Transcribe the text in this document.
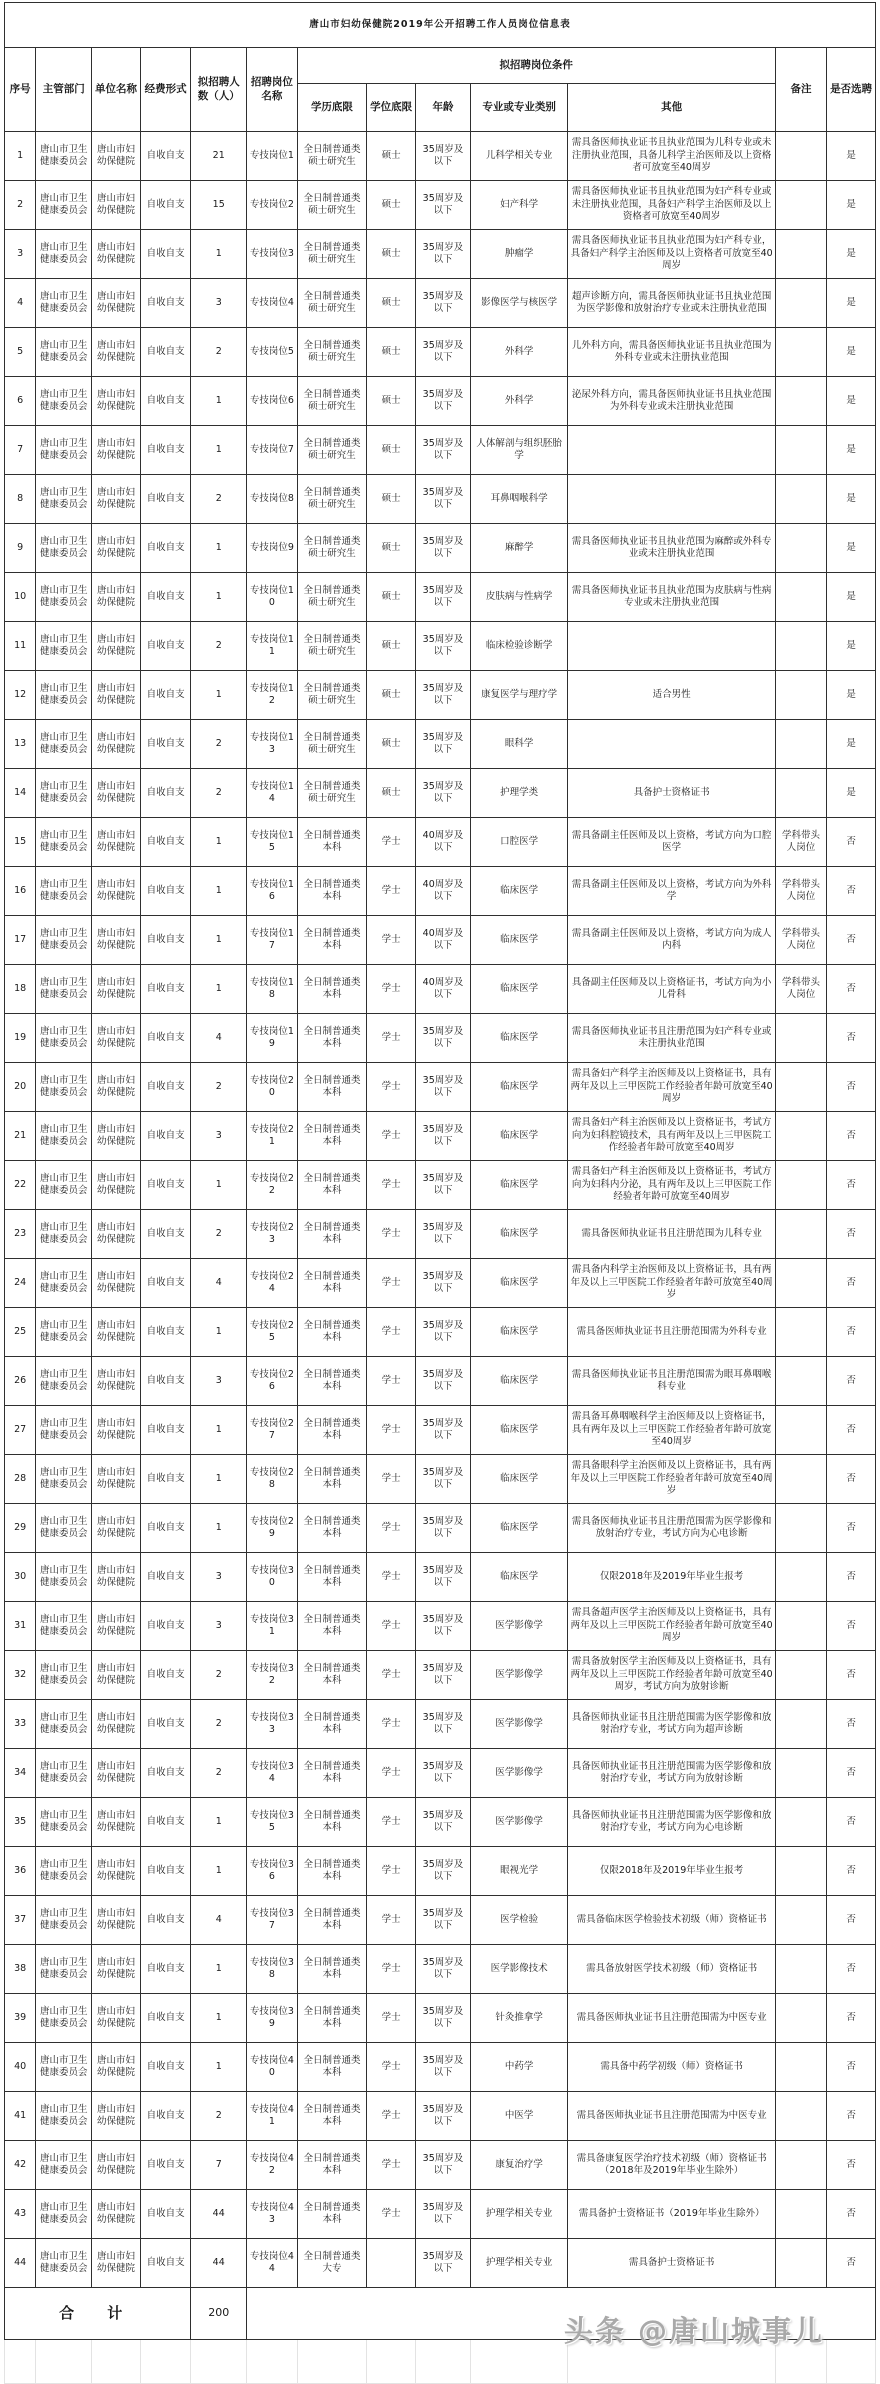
唐山市妇幼保健院2019年公开招聘工作人员岗位信息表												
序号	主管部门	单位名称	经费形式	拟招聘人数（人）	招聘岗位名称	拟招聘岗位条件					备注	是否选聘
						学历底限	学位底限	年龄	专业或专业类别	其他		
1	唐山市卫生健康委员会	唐山市妇幼保健院	自收自支	21	专技岗位1	全日制普通类硕士研究生	硕士	35周岁及以下	儿科学相关专业	需具备医师执业证书且执业范围为儿科专业或未注册执业范围，具备儿科学主治医师及以上资格者可放宽至40周岁		是
2	唐山市卫生健康委员会	唐山市妇幼保健院	自收自支	15	专技岗位2	全日制普通类硕士研究生	硕士	35周岁及以下	妇产科学	需具备医师执业证书且执业范围为妇产科专业或未注册执业范围，具备妇产科学主治医师及以上资格者可放宽至40周岁		是
3	唐山市卫生健康委员会	唐山市妇幼保健院	自收自支	1	专技岗位3	全日制普通类硕士研究生	硕士	35周岁及以下	肿瘤学	需具备医师执业证书且执业范围为妇产科专业，具备妇产科学主治医师及以上资格者可放宽至40周岁		是
4	唐山市卫生健康委员会	唐山市妇幼保健院	自收自支	3	专技岗位4	全日制普通类硕士研究生	硕士	35周岁及以下	影像医学与核医学	超声诊断方向，需具备医师执业证书且执业范围为医学影像和放射治疗专业或未注册执业范围		是
5	唐山市卫生健康委员会	唐山市妇幼保健院	自收自支	2	专技岗位5	全日制普通类硕士研究生	硕士	35周岁及以下	外科学	儿外科方向，需具备医师执业证书且执业范围为外科专业或未注册执业范围		是
6	唐山市卫生健康委员会	唐山市妇幼保健院	自收自支	1	专技岗位6	全日制普通类硕士研究生	硕士	35周岁及以下	外科学	泌尿外科方向，需具备医师执业证书且执业范围为外科专业或未注册执业范围		是
7	唐山市卫生健康委员会	唐山市妇幼保健院	自收自支	1	专技岗位7	全日制普通类硕士研究生	硕士	35周岁及以下	人体解剖与组织胚胎学			是
8	唐山市卫生健康委员会	唐山市妇幼保健院	自收自支	2	专技岗位8	全日制普通类硕士研究生	硕士	35周岁及以下	耳鼻咽喉科学			是
9	唐山市卫生健康委员会	唐山市妇幼保健院	自收自支	1	专技岗位9	全日制普通类硕士研究生	硕士	35周岁及以下	麻醉学	需具备医师执业证书且执业范围为麻醉或外科专业或未注册执业范围		是
10	唐山市卫生健康委员会	唐山市妇幼保健院	自收自支	1	专技岗位10	全日制普通类硕士研究生	硕士	35周岁及以下	皮肤病与性病学	需具备医师执业证书且执业范围为皮肤病与性病专业或未注册执业范围		是
11	唐山市卫生健康委员会	唐山市妇幼保健院	自收自支	2	专技岗位11	全日制普通类硕士研究生	硕士	35周岁及以下	临床检验诊断学			是
12	唐山市卫生健康委员会	唐山市妇幼保健院	自收自支	1	专技岗位12	全日制普通类硕士研究生	硕士	35周岁及以下	康复医学与理疗学	适合男性		是
13	唐山市卫生健康委员会	唐山市妇幼保健院	自收自支	2	专技岗位13	全日制普通类硕士研究生	硕士	35周岁及以下	眼科学			是
14	唐山市卫生健康委员会	唐山市妇幼保健院	自收自支	2	专技岗位14	全日制普通类硕士研究生	硕士	35周岁及以下	护理学类	具备护士资格证书		是
15	唐山市卫生健康委员会	唐山市妇幼保健院	自收自支	1	专技岗位15	全日制普通类本科	学士	40周岁及以下	口腔医学	需具备副主任医师及以上资格，考试方向为口腔医学	学科带头人岗位	否
16	唐山市卫生健康委员会	唐山市妇幼保健院	自收自支	1	专技岗位16	全日制普通类本科	学士	40周岁及以下	临床医学	需具备副主任医师及以上资格，考试方向为外科学	学科带头人岗位	否
17	唐山市卫生健康委员会	唐山市妇幼保健院	自收自支	1	专技岗位17	全日制普通类本科	学士	40周岁及以下	临床医学	需具备副主任医师及以上资格，考试方向为成人内科	学科带头人岗位	否
18	唐山市卫生健康委员会	唐山市妇幼保健院	自收自支	1	专技岗位18	全日制普通类本科	学士	40周岁及以下	临床医学	具备副主任医师及以上资格证书，考试方向为小儿骨科	学科带头人岗位	否
19	唐山市卫生健康委员会	唐山市妇幼保健院	自收自支	4	专技岗位19	全日制普通类本科	学士	35周岁及以下	临床医学	需具备医师执业证书且注册范围为妇产科专业或未注册执业范围		否
20	唐山市卫生健康委员会	唐山市妇幼保健院	自收自支	2	专技岗位20	全日制普通类本科	学士	35周岁及以下	临床医学	需具备妇产科学主治医师及以上资格证书，具有两年及以上三甲医院工作经验者年龄可放宽至40周岁		否
21	唐山市卫生健康委员会	唐山市妇幼保健院	自收自支	3	专技岗位21	全日制普通类本科	学士	35周岁及以下	临床医学	需具备妇产科主治医师及以上资格证书，考试方向为妇科腔镜技术，具有两年及以上三甲医院工作经验者年龄可放宽至40周岁		否
22	唐山市卫生健康委员会	唐山市妇幼保健院	自收自支	1	专技岗位22	全日制普通类本科	学士	35周岁及以下	临床医学	需具备妇产科主治医师及以上资格证书，考试方向为妇科内分泌，具有两年及以上三甲医院工作经验者年龄可放宽至40周岁		否
23	唐山市卫生健康委员会	唐山市妇幼保健院	自收自支	2	专技岗位23	全日制普通类本科	学士	35周岁及以下	临床医学	需具备医师执业证书且注册范围为儿科专业		否
24	唐山市卫生健康委员会	唐山市妇幼保健院	自收自支	4	专技岗位24	全日制普通类本科	学士	35周岁及以下	临床医学	需具备内科学主治医师及以上资格证书，具有两年及以上三甲医院工作经验者年龄可放宽至40周岁		否
25	唐山市卫生健康委员会	唐山市妇幼保健院	自收自支	1	专技岗位25	全日制普通类本科	学士	35周岁及以下	临床医学	需具备医师执业证书且注册范围需为外科专业		否
26	唐山市卫生健康委员会	唐山市妇幼保健院	自收自支	3	专技岗位26	全日制普通类本科	学士	35周岁及以下	临床医学	需具备医师执业证书且注册范围需为眼耳鼻咽喉科专业		否
27	唐山市卫生健康委员会	唐山市妇幼保健院	自收自支	1	专技岗位27	全日制普通类本科	学士	35周岁及以下	临床医学	需具备耳鼻咽喉科学主治医师及以上资格证书，具有两年及以上三甲医院工作经验者年龄可放宽至40周岁		否
28	唐山市卫生健康委员会	唐山市妇幼保健院	自收自支	1	专技岗位28	全日制普通类本科	学士	35周岁及以下	临床医学	需具备眼科学主治医师及以上资格证书，具有两年及以上三甲医院工作经验者年龄可放宽至40周岁		否
29	唐山市卫生健康委员会	唐山市妇幼保健院	自收自支	1	专技岗位29	全日制普通类本科	学士	35周岁及以下	临床医学	需具备医师执业证书且注册范围需为医学影像和放射治疗专业，考试方向为心电诊断		否
30	唐山市卫生健康委员会	唐山市妇幼保健院	自收自支	3	专技岗位30	全日制普通类本科	学士	35周岁及以下	临床医学	仅限2018年及2019年毕业生报考		否
31	唐山市卫生健康委员会	唐山市妇幼保健院	自收自支	3	专技岗位31	全日制普通类本科	学士	35周岁及以下	医学影像学	需具备超声医学主治医师及以上资格证书，具有两年及以上三甲医院工作经验者年龄可放宽至40周岁		否
32	唐山市卫生健康委员会	唐山市妇幼保健院	自收自支	2	专技岗位32	全日制普通类本科	学士	35周岁及以下	医学影像学	需具备放射医学主治医师及以上资格证书，具有两年及以上三甲医院工作经验者年龄可放宽至40周岁，考试方向为放射诊断		否
33	唐山市卫生健康委员会	唐山市妇幼保健院	自收自支	2	专技岗位33	全日制普通类本科	学士	35周岁及以下	医学影像学	具备医师执业证书且注册范围需为医学影像和放射治疗专业，考试方向为超声诊断		否
34	唐山市卫生健康委员会	唐山市妇幼保健院	自收自支	2	专技岗位34	全日制普通类本科	学士	35周岁及以下	医学影像学	具备医师执业证书且注册范围需为医学影像和放射治疗专业，考试方向为放射诊断		否
35	唐山市卫生健康委员会	唐山市妇幼保健院	自收自支	1	专技岗位35	全日制普通类本科	学士	35周岁及以下	医学影像学	具备医师执业证书且注册范围需为医学影像和放射治疗专业，考试方向为心电诊断		否
36	唐山市卫生健康委员会	唐山市妇幼保健院	自收自支	1	专技岗位36	全日制普通类本科	学士	35周岁及以下	眼视光学	仅限2018年及2019年毕业生报考		否
37	唐山市卫生健康委员会	唐山市妇幼保健院	自收自支	4	专技岗位37	全日制普通类本科	学士	35周岁及以下	医学检验	需具备临床医学检验技术初级（师）资格证书		否
38	唐山市卫生健康委员会	唐山市妇幼保健院	自收自支	1	专技岗位38	全日制普通类本科	学士	35周岁及以下	医学影像技术	需具备放射医学技术初级（师）资格证书		否
39	唐山市卫生健康委员会	唐山市妇幼保健院	自收自支	1	专技岗位39	全日制普通类本科	学士	35周岁及以下	针灸推拿学	需具备医师执业证书且注册范围需为中医专业		否
40	唐山市卫生健康委员会	唐山市妇幼保健院	自收自支	1	专技岗位40	全日制普通类本科	学士	35周岁及以下	中药学	需具备中药学初级（师）资格证书		否
41	唐山市卫生健康委员会	唐山市妇幼保健院	自收自支	2	专技岗位41	全日制普通类本科	学士	35周岁及以下	中医学	需具备医师执业证书且注册范围需为中医专业		否
42	唐山市卫生健康委员会	唐山市妇幼保健院	自收自支	7	专技岗位42	全日制普通类本科	学士	35周岁及以下	康复治疗学	需具备康复医学治疗技术初级（师）资格证书（2018年及2019年毕业生除外）		否
43	唐山市卫生健康委员会	唐山市妇幼保健院	自收自支	44	专技岗位43	全日制普通类本科	学士	35周岁及以下	护理学相关专业	需具备护士资格证书（2019年毕业生除外）		否
44	唐山市卫生健康委员会	唐山市妇幼保健院	自收自支	44	专技岗位44	全日制普通类大专		35周岁及以下	护理学相关专业	需具备护士资格证书		否
合 计				200								

头条 @唐山城事儿
